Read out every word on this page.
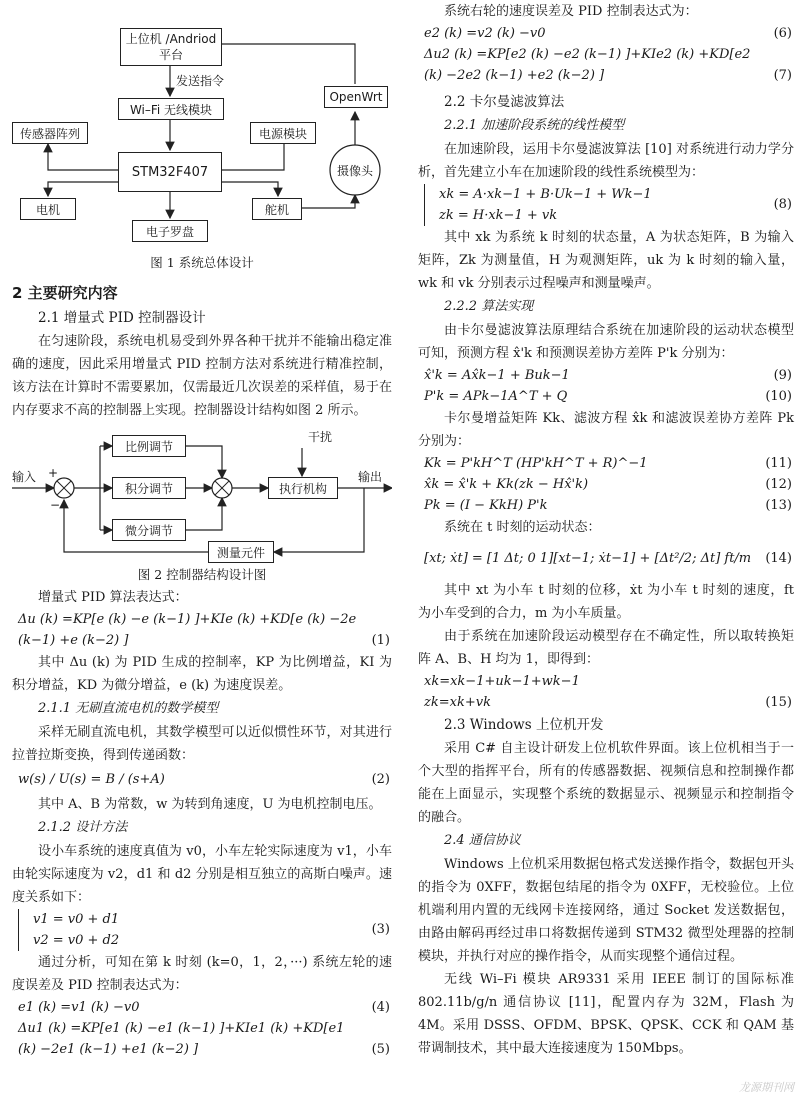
上位机 /Andriod
平台
发送指令
Wi–Fi 无线模块
传感器阵列	电源模块
STM32F407
电机	舵机
电子罗盘
OpenWrt
摄像头

图 1 系统总体设计

2 主要研究内容

2.1 增量式 PID 控制器设计

在匀速阶段，系统电机易受到外界各种干扰并不能输出稳定准确的速度，因此采用增量式 PID 控制方法对系统进行精准控制，该方法在计算时不需要累加，仅需最近几次误差的采样值，易于在内存要求不高的控制器上实现。控制器设计结构如图 2 所示。

输入 +
−
比例调节
积分调节
微分调节
执行机构
干扰
输出
测量元件

图 2 控制器结构设计图

增量式 PID 算法表达式：

Δu (k) =KP[e (k) −e (k−1) ]+KIe (k) +KD[e (k) −2e
(k−1) +e (k−2) ]	(1)

其中 Δu (k) 为 PID 生成的控制率，KP 为比例增益，KI 为积分增益，KD 为微分增益，e (k) 为速度误差。

2.1.1 无刷直流电机的数学模型

采样无刷直流电机，其数学模型可以近似惯性环节，对其进行拉普拉斯变换，得到传递函数：

w(s) / U(s) = B / (s+A)	(2)

其中 A、B 为常数，w 为转到角速度，U 为电机控制电压。

2.1.2 设计方法

设小车系统的速度真值为 v0，小车左轮实际速度为 v1，小车由轮实际速度为 v2，d1 和 d2 分别是相互独立的高斯白噪声。速度关系如下：

v1 = v0 + d1
v2 = v0 + d2
(3)

通过分析，可知在第 k 时刻 (k=0，1，2，···) 系统左轮的速度误差及 PID 控制表达式为：

e1 (k) =v1 (k) −v0	(4)
Δu1 (k) =KP[e1 (k) −e1 (k−1) ]+KIe1 (k) +KD[e1
(k) −2e1 (k−1) +e1 (k−2) ]	(5)

系统右轮的速度误差及 PID 控制表达式为：

e2 (k) =v2 (k) −v0	(6)
Δu2 (k) =KP[e2 (k) −e2 (k−1) ]+KIe2 (k) +KD[e2
(k) −2e2 (k−1) +e2 (k−2) ]	(7)

2.2 卡尔曼滤波算法

2.2.1 加速阶段系统的线性模型

在加速阶段，运用卡尔曼滤波算法 [10] 对系统进行动力学分析，首先建立小车在加速阶段的线性系统模型为：

xk = A·xk−1 + B·Uk−1 + Wk−1
zk = H·xk−1 + vk
(8)

其中 xk 为系统 k 时刻的状态量，A 为状态矩阵，B 为输入矩阵，Zk 为测量值，H 为观测矩阵，uk 为 k 时刻的输入量，wk 和 vk 分别表示过程噪声和测量噪声。

2.2.2 算法实现

由卡尔曼滤波算法原理结合系统在加速阶段的运动状态模型可知，预测方程 x̂'k 和预测误差协方差阵 P'k 分别为：

x̂'k = Ax̂k−1 + Buk−1	(9)
P'k = APk−1A^T + Q	(10)

卡尔曼增益矩阵 Kk、滤波方程 x̂k 和滤波误差协方差阵 Pk 分别为：

Kk = P'kH^T (HP'kH^T + R)^−1	(11)
x̂k = x̂'k + Kk(zk − Hx̂'k)	(12)
Pk = (I − KkH) P'k	(13)

系统在 t 时刻的运动状态：

[xt; ẋt] = [1 Δt; 0 1][xt−1; ẋt−1] + [Δt²/2; Δt] ft/m	(14)

其中 xt 为小车 t 时刻的位移，ẋt 为小车 t 时刻的速度，ft 为小车受到的合力，m 为小车质量。

由于系统在加速阶段运动模型存在不确定性，所以取转换矩阵 A、B、H 均为 1，即得到：

xk=xk−1+uk−1+wk−1
zk=xk+vk	(15)

2.3 Windows 上位机开发

采用 C# 自主设计研发上位机软件界面。该上位机相当于一个大型的指挥平台，所有的传感器数据、视频信息和控制操作都能在上面显示，实现整个系统的数据显示、视频显示和控制指令的融合。

2.4 通信协议

Windows 上位机采用数据包格式发送操作指令，数据包开头的指令为 0XFF，数据包结尾的指令为 0XFF，无校验位。上位机端利用内置的无线网卡连接网络，通过 Socket 发送数据包，由路由解码再经过串口将数据传递到 STM32 微型处理器的控制模块，并执行对应的操作指令，从而实现整个通信过程。

无线 Wi–Fi 模块 AR9331 采用 IEEE 制订的国际标准 802.11b/g/n 通信协议 [11]，配置内存为 32M，Flash 为 4M。采用 DSSS、OFDM、BPSK、QPSK、CCK 和 QAM 基带调制技术，其中最大连接速度为 150Mbps。

龙源期刊网
